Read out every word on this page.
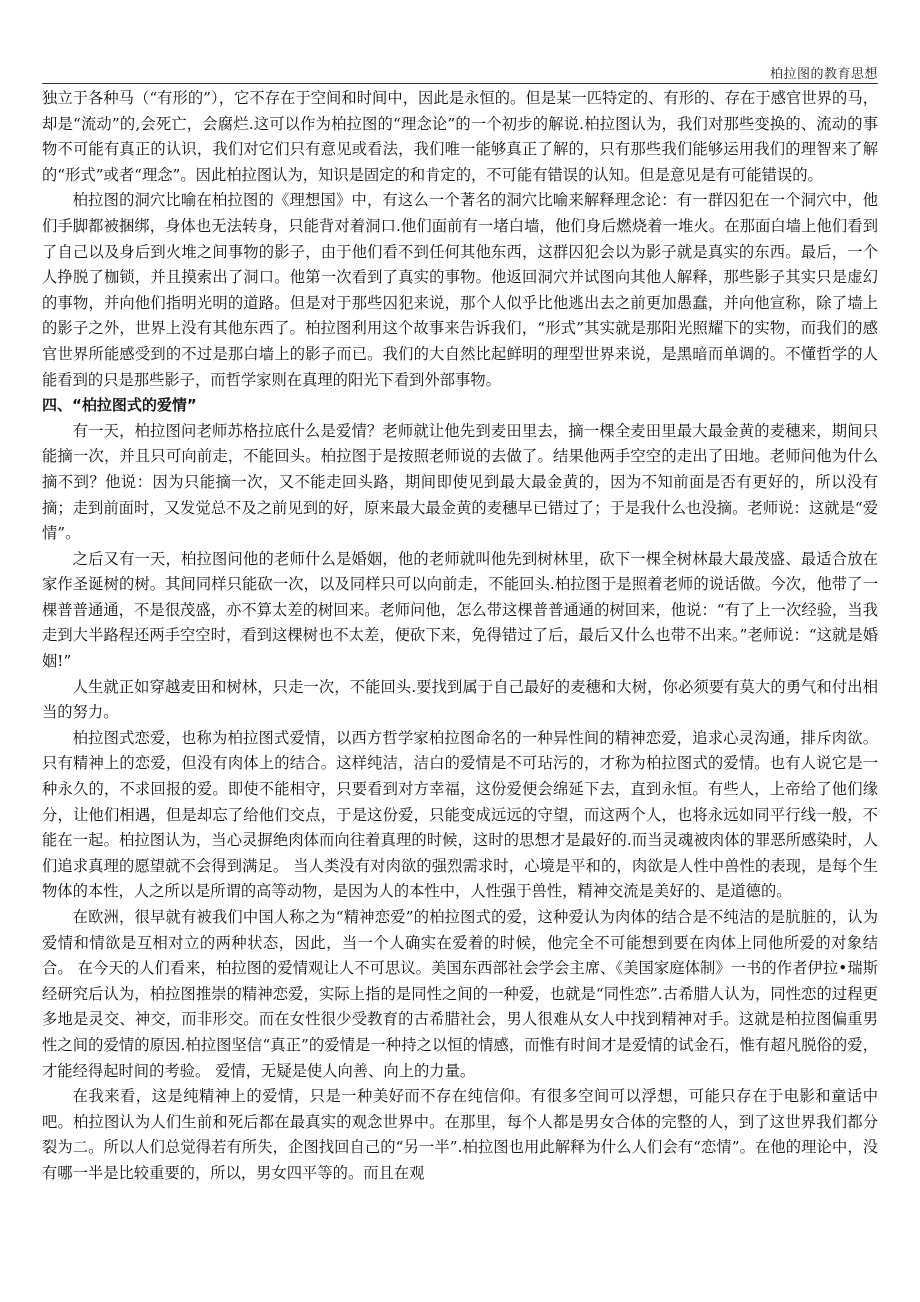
柏拉图的教育思想

独立于各种马（“有形的”），它不存在于空间和时间中，因此是永恒的。但是某一匹特定的、有形的、存在于感官世界的马，却是“流动”的,会死亡，会腐烂.这可以作为柏拉图的“理念论”的一个初步的解说.柏拉图认为，我们对那些变换的、流动的事物不可能有真正的认识，我们对它们只有意见或看法，我们唯一能够真正了解的，只有那些我们能够运用我们的理智来了解的“形式”或者“理念”。因此柏拉图认为，知识是固定的和肯定的，不可能有错误的认知。但是意见是有可能错误的。

柏拉图的洞穴比喻在柏拉图的《理想国》中，有这么一个著名的洞穴比喻来解释理念论：有一群囚犯在一个洞穴中，他们手脚都被捆绑，身体也无法转身，只能背对着洞口.他们面前有一堵白墙，他们身后燃烧着一堆火。在那面白墙上他们看到了自己以及身后到火堆之间事物的影子，由于他们看不到任何其他东西，这群囚犯会以为影子就是真实的东西。最后，一个人挣脱了枷锁，并且摸索出了洞口。他第一次看到了真实的事物。他返回洞穴并试图向其他人解释，那些影子其实只是虚幻的事物，并向他们指明光明的道路。但是对于那些囚犯来说，那个人似乎比他逃出去之前更加愚蠢，并向他宣称，除了墙上的影子之外，世界上没有其他东西了。柏拉图利用这个故事来告诉我们，“形式”其实就是那阳光照耀下的实物，而我们的感官世界所能感受到的不过是那白墙上的影子而已。我们的大自然比起鲜明的理型世界来说，是黑暗而单调的。不懂哲学的人能看到的只是那些影子，而哲学家则在真理的阳光下看到外部事物。

四、“柏拉图式的爱情”

有一天，柏拉图问老师苏格拉底什么是爱情？老师就让他先到麦田里去，摘一棵全麦田里最大最金黄的麦穗来，期间只能摘一次，并且只可向前走，不能回头。柏拉图于是按照老师说的去做了。结果他两手空空的走出了田地。老师问他为什么摘不到？他说：因为只能摘一次，又不能走回头路，期间即使见到最大最金黄的，因为不知前面是否有更好的，所以没有摘；走到前面时，又发觉总不及之前见到的好，原来最大最金黄的麦穗早已错过了；于是我什么也没摘。老师说：这就是“爱情”。

之后又有一天，柏拉图问他的老师什么是婚姻，他的老师就叫他先到树林里，砍下一棵全树林最大最茂盛、最适合放在家作圣诞树的树。其间同样只能砍一次，以及同样只可以向前走，不能回头.柏拉图于是照着老师的说话做。今次，他带了一棵普普通通，不是很茂盛，亦不算太差的树回来。老师问他，怎么带这棵普普通通的树回来，他说：“有了上一次经验，当我走到大半路程还两手空空时，看到这棵树也不太差，便砍下来，免得错过了后，最后又什么也带不出来。”老师说：“这就是婚姻!”

人生就正如穿越麦田和树林，只走一次，不能回头.要找到属于自己最好的麦穗和大树，你必须要有莫大的勇气和付出相当的努力。

柏拉图式恋爱，也称为柏拉图式爱情，以西方哲学家柏拉图命名的一种异性间的精神恋爱，追求心灵沟通，排斥肉欲。只有精神上的恋爱，但没有肉体上的结合。这样纯洁，洁白的爱情是不可玷污的，才称为柏拉图式的爱情。也有人说它是一种永久的，不求回报的爱。即使不能相守，只要看到对方幸福，这份爱便会绵延下去，直到永恒。有些人，上帝给了他们缘分，让他们相遇，但是却忘了给他们交点，于是这份爱，只能变成远远的守望，而这两个人，也将永远如同平行线一般，不能在一起。柏拉图认为，当心灵摒绝肉体而向往着真理的时候，这时的思想才是最好的.而当灵魂被肉体的罪恶所感染时，人们追求真理的愿望就不会得到满足。 当人类没有对肉欲的强烈需求时，心境是平和的，肉欲是人性中兽性的表现，是每个生物体的本性，人之所以是所谓的高等动物，是因为人的本性中，人性强于兽性，精神交流是美好的、是道德的。

在欧洲，很早就有被我们中国人称之为“精神恋爱”的柏拉图式的爱，这种爱认为肉体的结合是不纯洁的是肮脏的，认为爱情和情欲是互相对立的两种状态，因此，当一个人确实在爱着的时候，他完全不可能想到要在肉体上同他所爱的对象结合。 在今天的人们看来，柏拉图的爱情观让人不可思议。美国东西部社会学会主席、《美国家庭体制》一书的作者伊拉•瑞斯经研究后认为，柏拉图推崇的精神恋爱，实际上指的是同性之间的一种爱，也就是“同性恋”.古希腊人认为，同性恋的过程更多地是灵交、神交，而非形交。而在女性很少受教育的古希腊社会，男人很难从女人中找到精神对手。这就是柏拉图偏重男性之间的爱情的原因.柏拉图坚信“真正”的爱情是一种持之以恒的情感，而惟有时间才是爱情的试金石，惟有超凡脱俗的爱，才能经得起时间的考验。 爱情，无疑是使人向善、向上的力量。

在我来看，这是纯精神上的爱情，只是一种美好而不存在纯信仰。有很多空间可以浮想，可能只存在于电影和童话中吧。柏拉图认为人们生前和死后都在最真实的观念世界中。在那里，每个人都是男女合体的完整的人，到了这世界我们都分裂为二。所以人们总觉得若有所失，企图找回自己的“另一半”.柏拉图也用此解释为什么人们会有“恋情”。在他的理论中，没有哪一半是比较重要的，所以，男女四平等的。而且在观
